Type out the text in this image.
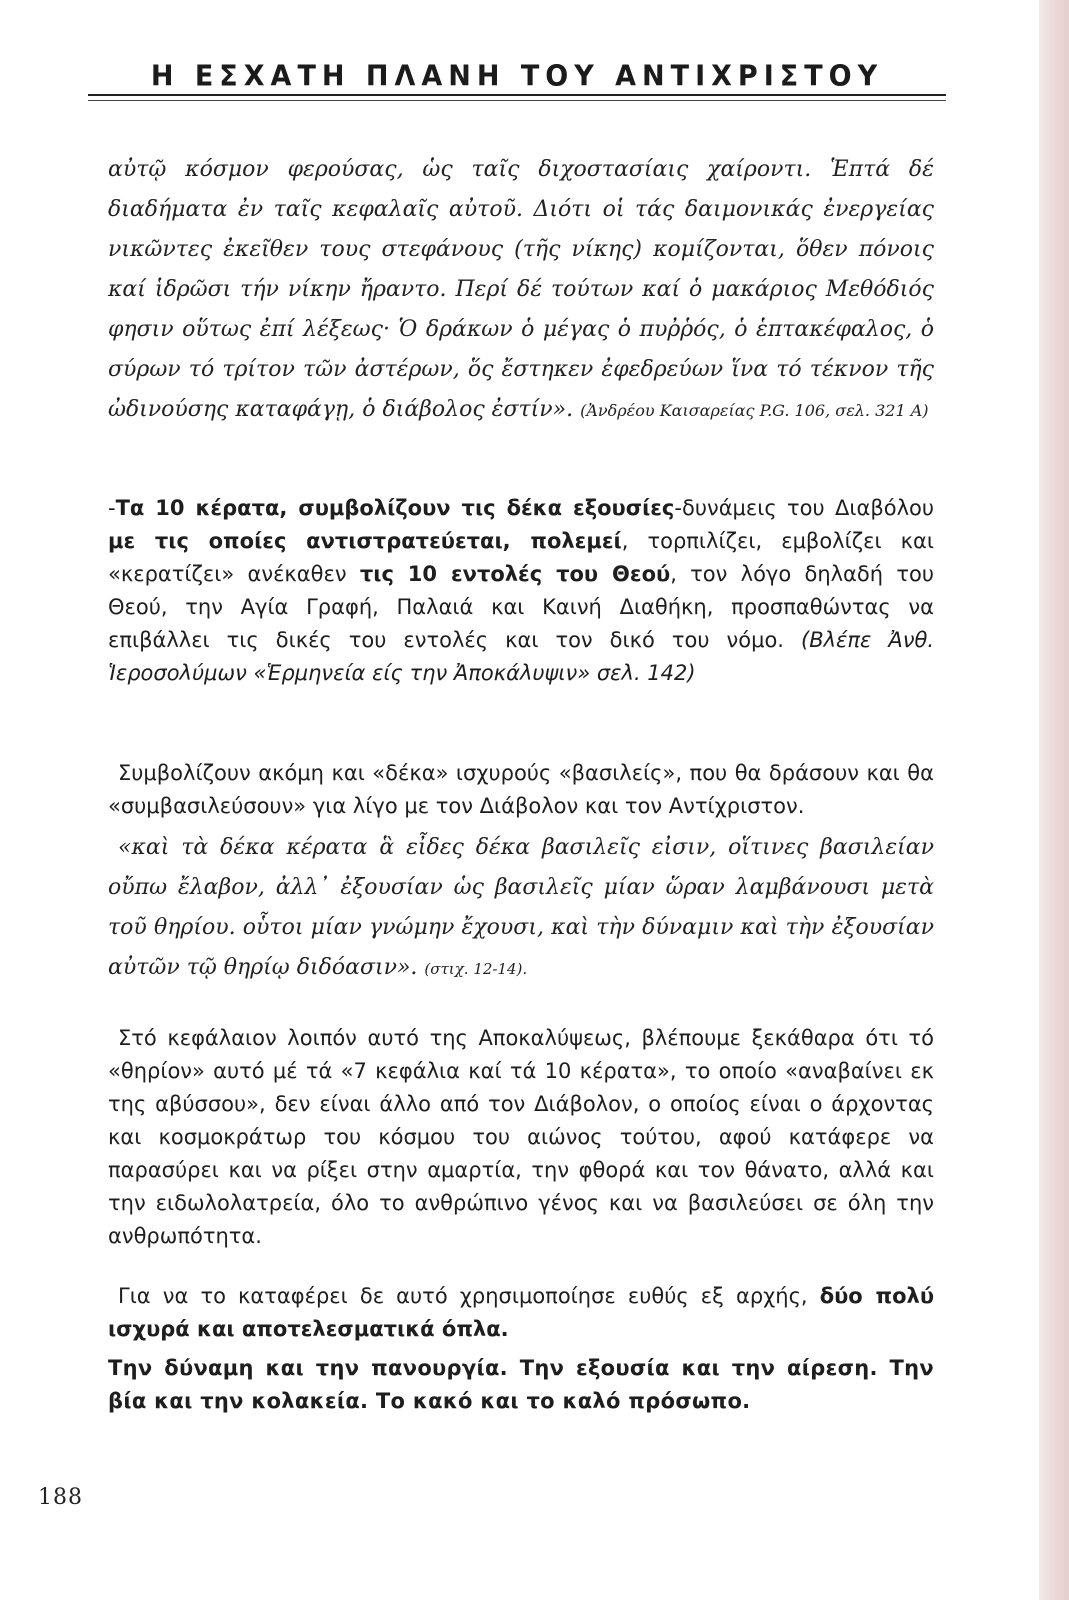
Η ΕΣΧΑΤΗ ΠΛΑΝΗ ΤΟΥ ΑΝΤΙΧΡΙΣΤΟΥ

αὐτῷ κόσμον φερούσας, ὡς ταῖς διχοστασίαις χαίροντι. Ἑπτά δέ διαδήματα ἐν ταῖς κεφαλαῖς αὐτοῦ. Διότι οἱ τάς δαιμονικάς ἐνεργείας νικῶντες ἐκεῖθεν τους στεφάνους (τῆς νίκης) κομίζονται, ὅθεν πόνοις καί ἱδρῶσι τήν νίκην ἤραντο. Περί δέ τούτων καί ὁ μακάριος Μεθόδιός φησιν οὕτως ἐπί λέξεως· Ὁ δράκων ὁ μέγας ὁ πυῤῥός, ὁ ἑπτακέφαλος, ὁ σύρων τό τρίτον τῶν ἀστέρων, ὅς ἔστηκεν ἐφεδρεύων ἵνα τό τέκνον τῆς ὠδινούσης καταφάγῃ, ὁ διάβολος ἐστίν». (Ἀνδρέου Καισαρείας P.G. 106, σελ. 321 Α)

-Τα 10 κέρατα, συμβολίζουν τις δέκα εξουσίες-δυνάμεις του Διαβόλου με τις οποίες αντιστρατεύεται, πολεμεί, τορπιλίζει, εμβολίζει και «κερατίζει» ανέκαθεν τις 10 εντολές του Θεού, τον λόγο δηλαδή του Θεού, την Αγία Γραφή, Παλαιά και Καινή Διαθήκη, προσπαθώντας να επιβάλλει τις δικές του εντολές και τον δικό του νόμο. (Βλέπε Ἀνθ. Ἱεροσολύμων «Ἑρμηνεία είς την Ἀποκάλυψιν» σελ. 142)

Συμβολίζουν ακόμη και «δέκα» ισχυρούς «βασιλείς», που θα δράσουν και θα «συμβασιλεύσουν» για λίγο με τον Διάβολον και τον Αντίχριστον.

«καὶ τὰ δέκα κέρατα ἃ εἶδες δέκα βασιλεῖς εἰσιν, οἵτινες βασιλείαν οὔπω ἔλαβον, ἀλλ᾽ ἐξουσίαν ὡς βασιλεῖς μίαν ὥραν λαμβάνουσι μετὰ τοῦ θηρίου. οὗτοι μίαν γνώμην ἔχουσι, καὶ τὴν δύναμιν καὶ τὴν ἐξουσίαν αὐτῶν τῷ θηρίῳ διδόασιν». (στιχ. 12-14).

Στό κεφάλαιον λοιπόν αυτό της Αποκαλύψεως, βλέπουμε ξεκάθαρα ότι τό «θηρίον» αυτό μέ τά «7 κεφάλια καί τά 10 κέρατα», το οποίο «αναβαίνει εκ της αβύσσου», δεν είναι άλλο από τον Διάβολον, ο οποίος είναι ο άρχοντας και κοσμοκράτωρ του κόσμου του αιώνος τούτου, αφού κατάφερε να παρασύρει και να ρίξει στην αμαρτία, την φθορά και τον θάνατο, αλλά και την ειδωλολατρεία, όλο το ανθρώπινο γένος και να βασιλεύσει σε όλη την ανθρωπότητα.

Για να το καταφέρει δε αυτό χρησιμοποίησε ευθύς εξ αρχής, δύο πολύ ισχυρά και αποτελεσματικά όπλα.

Την δύναμη και την πανουργία. Την εξουσία και την αίρεση. Την βία και την κολακεία. Το κακό και το καλό πρόσωπο.

188
